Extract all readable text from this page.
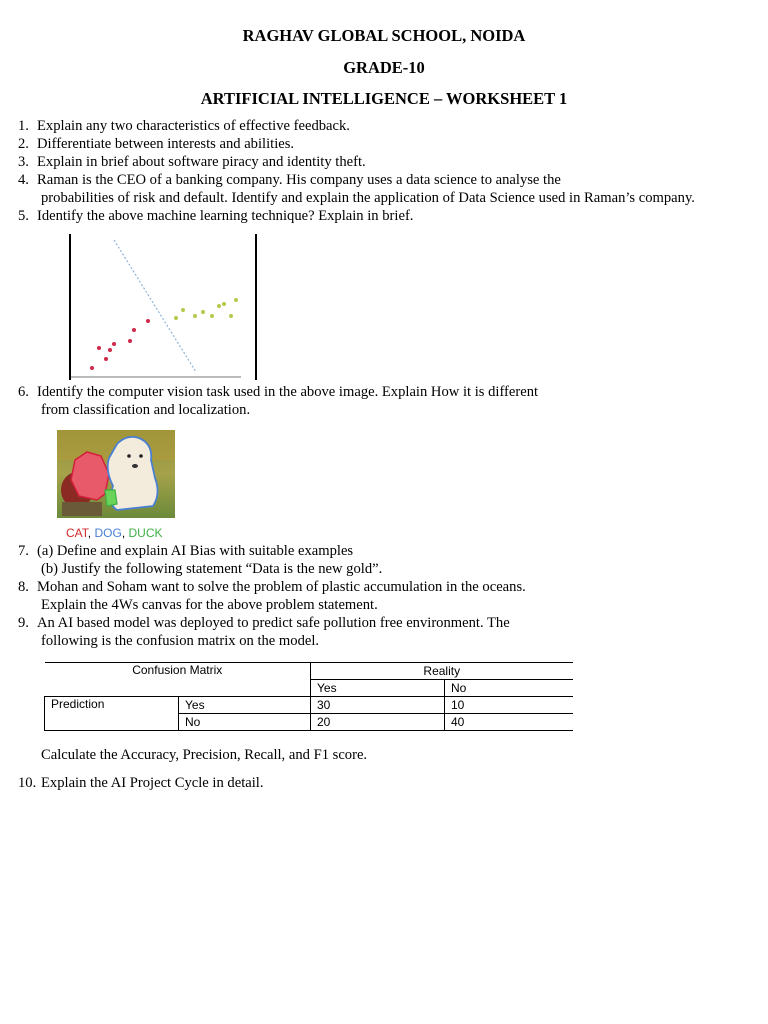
RAGHAV GLOBAL SCHOOL, NOIDA
GRADE-10
ARTIFICIAL INTELLIGENCE – WORKSHEET 1
1. Explain any two characteristics of effective feedback.
2. Differentiate between interests and abilities.
3. Explain in brief about software piracy and identity theft.
4. Raman is the CEO of a banking company. His company uses a data science to analyse the
probabilities of risk and default. Identify and explain the application of Data Science used in Raman’s company.
5. Identify the above machine learning technique? Explain in brief.
6. Identify the computer vision task used in the above image. Explain How it is different
from classification and localization.
CAT, DOG, DUCK
7. (a) Define and explain AI Bias with suitable examples
(b) Justify the following statement “Data is the new gold”.
8. Mohan and Soham want to solve the problem of plastic accumulation in the oceans.
Explain the 4Ws canvas for the above problem statement.
9. An AI based model was deployed to predict safe pollution free environment. The
following is the confusion matrix on the model.
Confusion Matrix		Reality	
		Yes	No
Prediction	Yes	30	10
	No	20	40
Calculate the Accuracy, Precision, Recall, and F1 score.
10. Explain the AI Project Cycle in detail.
